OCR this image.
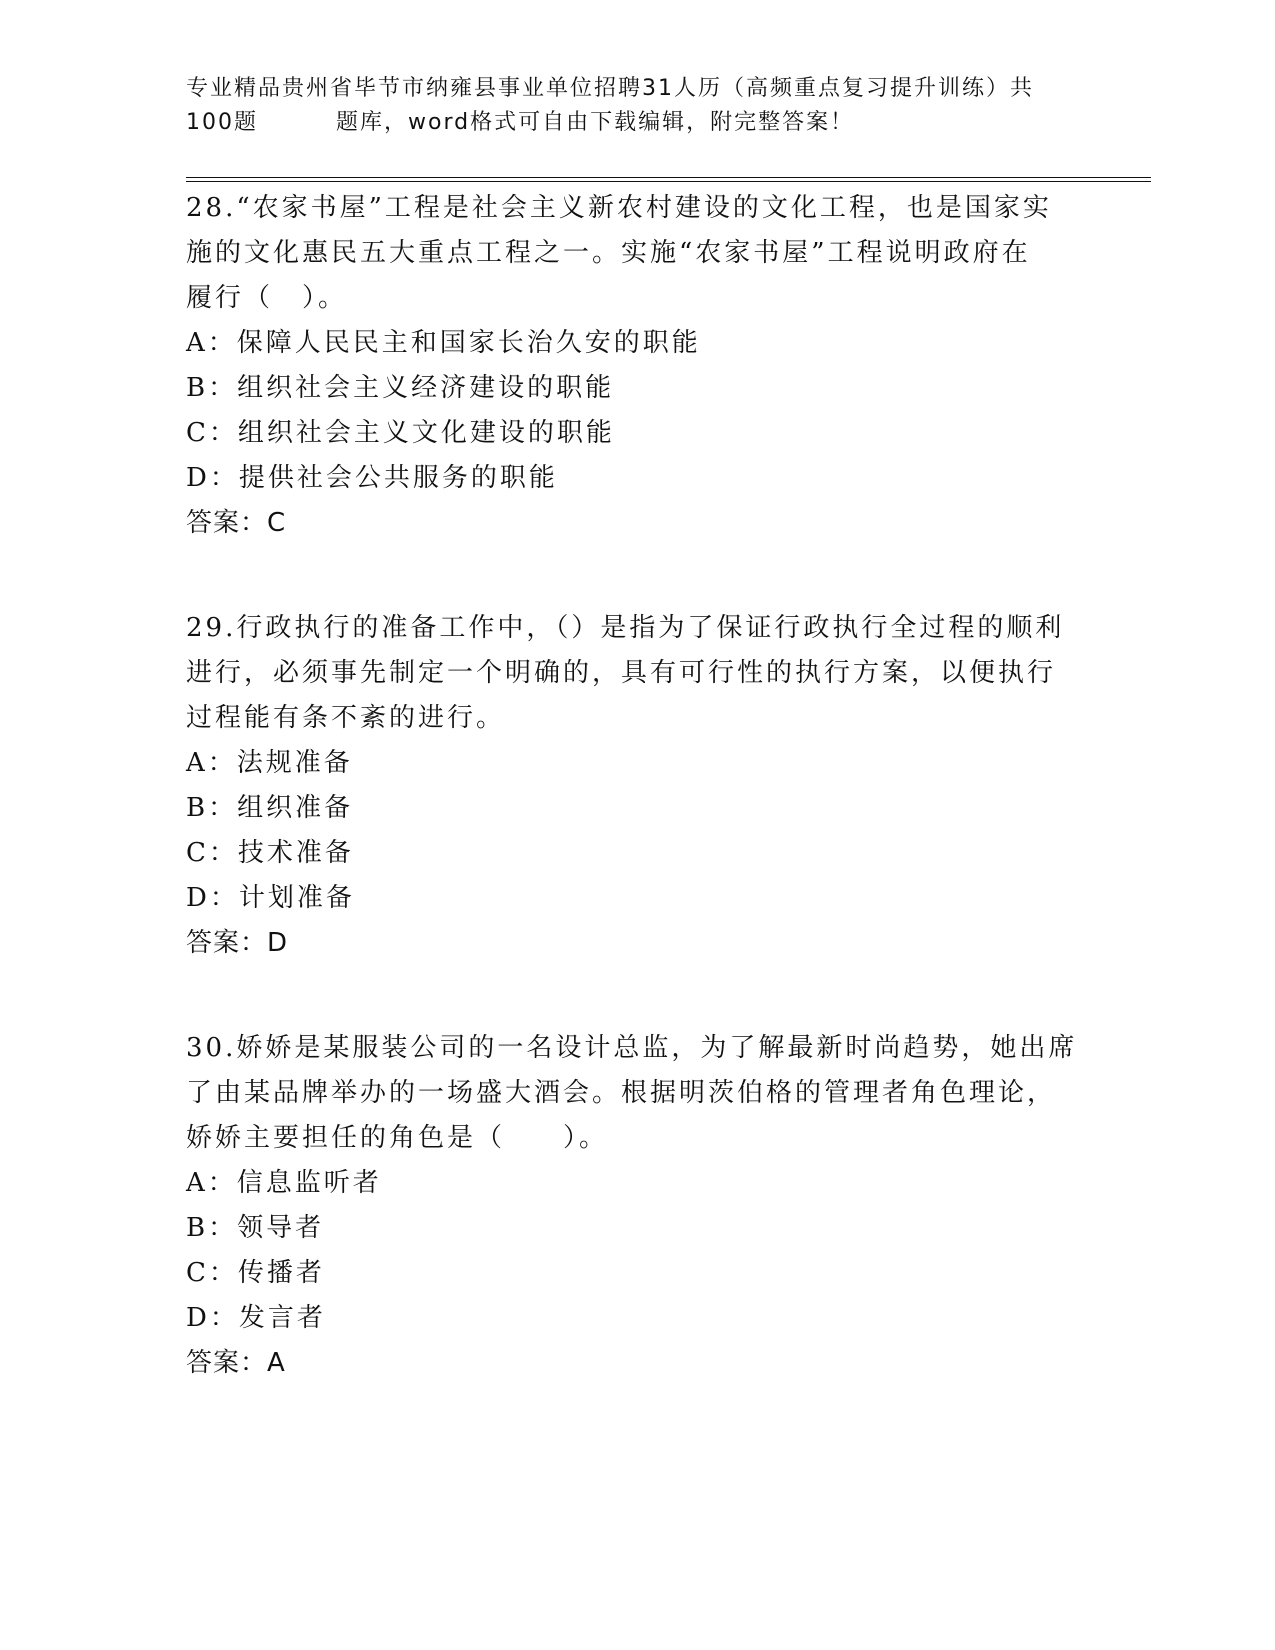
专业精品贵州省毕节市纳雍县事业单位招聘31人历（高频重点复习提升训练）共
100题	题库，word格式可自由下载编辑，附完整答案！

28.“农家书屋”工程是社会主义新农村建设的文化工程，也是国家实

施的文化惠民五大重点工程之一。实施“农家书屋”工程说明政府在

履行（　）。

A：保障人民民主和国家长治久安的职能

B：组织社会主义经济建设的职能

C：组织社会主义文化建设的职能

D：提供社会公共服务的职能

答案：C

29.行政执行的准备工作中，（）是指为了保证行政执行全过程的顺利

进行，必须事先制定一个明确的，具有可行性的执行方案，以便执行

过程能有条不紊的进行。

A：法规准备

B：组织准备

C：技术准备

D：计划准备

答案：D

30.娇娇是某服装公司的一名设计总监，为了解最新时尚趋势，她出席

了由某品牌举办的一场盛大酒会。根据明茨伯格的管理者角色理论，

娇娇主要担任的角色是（　　）。

A：信息监听者

B：领导者

C：传播者

D：发言者

答案：A
